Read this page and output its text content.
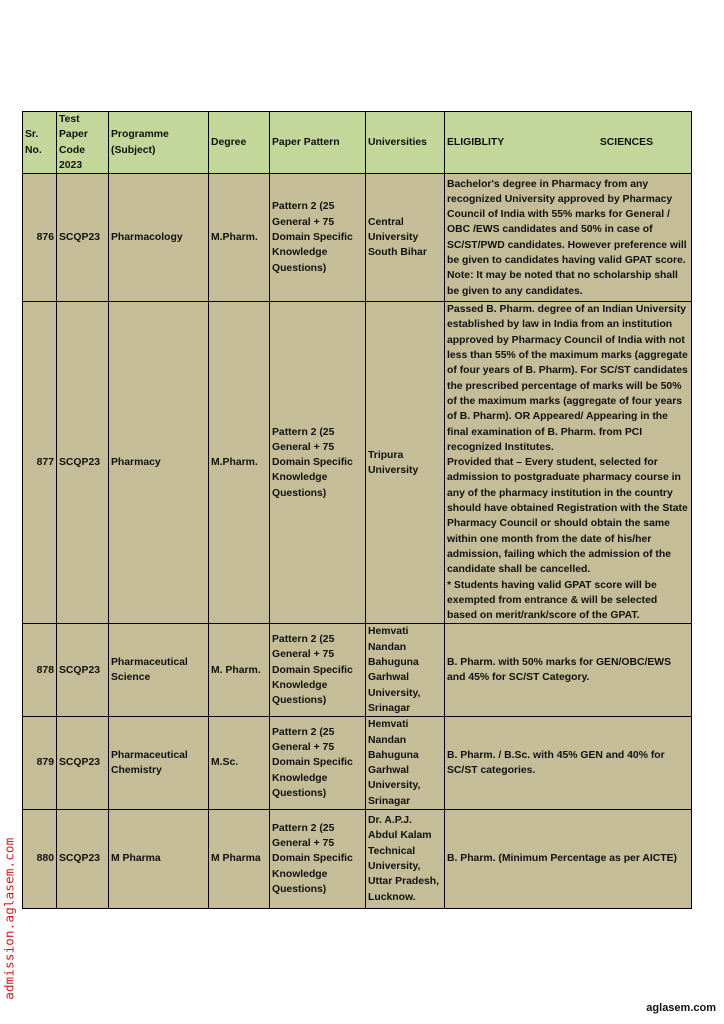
Sr. No.	Test Paper Code 2023	Programme (Subject)	Degree	Paper Pattern	Universities	ELIGIBLITY SCIENCES

876	SCQP23	Pharmacology	M.Pharm.	Pattern 2 (25 General + 75 Domain Specific Knowledge Questions)	Central University South Bihar	Bachelor's degree in Pharmacy from any recognized University approved by Pharmacy Council of India with 55% marks for General / OBC /EWS candidates and 50% in case of SC/ST/PWD candidates. However preference will be given to candidates having valid GPAT score. Note: It may be noted that no scholarship shall be given to any candidates.
877	SCQP23	Pharmacy	M.Pharm.	Pattern 2 (25 General + 75 Domain Specific Knowledge Questions)	Tripura University	Passed B. Pharm. degree of an Indian University established by law in India from an institution approved by Pharmacy Council of India with not less than 55% of the maximum marks (aggregate of four years of B. Pharm). For SC/ST candidates the prescribed percentage of marks will be 50% of the maximum marks (aggregate of four years of B. Pharm). OR Appeared/ Appearing in the final examination of B. Pharm. from PCI recognized Institutes.
Provided that – Every student, selected for admission to postgraduate pharmacy course in any of the pharmacy institution in the country should have obtained Registration with the State Pharmacy Council or should obtain the same within one month from the date of his/her admission, failing which the admission of the candidate shall be cancelled.
* Students having valid GPAT score will be exempted from entrance & will be selected based on merit/rank/score of the GPAT.
878	SCQP23	Pharmaceutical Science	M. Pharm.	Pattern 2 (25 General + 75 Domain Specific Knowledge Questions)	Hemvati Nandan Bahuguna Garhwal University, Srinagar	B. Pharm. with 50% marks for GEN/OBC/EWS and 45% for SC/ST Category.
879	SCQP23	Pharmaceutical Chemistry	M.Sc.	Pattern 2 (25 General + 75 Domain Specific Knowledge Questions)	Hemvati Nandan Bahuguna Garhwal University, Srinagar	B. Pharm. / B.Sc. with 45% GEN and 40% for SC/ST categories.
880	SCQP23	M Pharma	M Pharma	Pattern 2 (25 General + 75 Domain Specific Knowledge Questions)	Dr. A.P.J. Abdul Kalam Technical University, Uttar Pradesh, Lucknow.	B. Pharm. (Minimum Percentage as per AICTE)
admission.aglasem.com
aglasem.com
